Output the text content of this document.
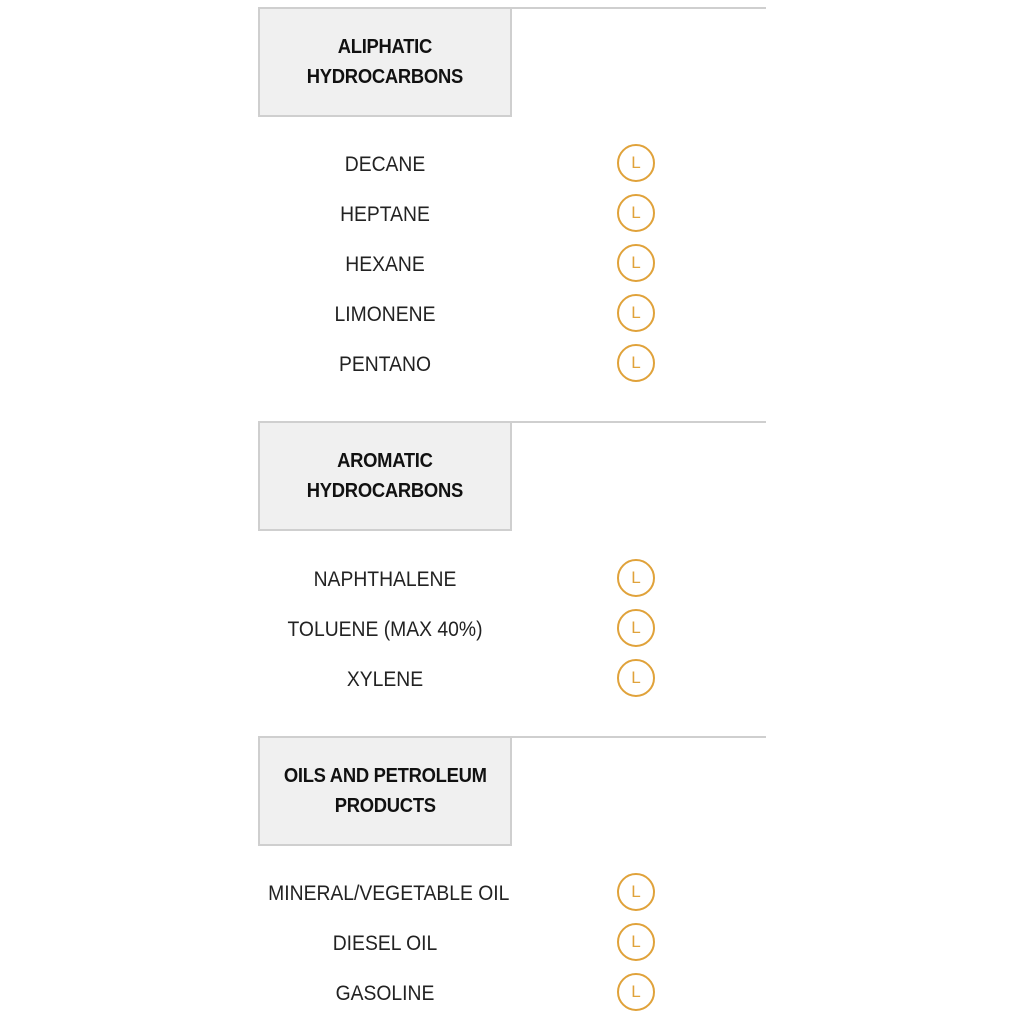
ALIPHATIC
HYDROCARBONS
DECANE	L
HEPTANE	L
HEXANE	L
LIMONENE	L
PENTANO	L
AROMATIC
HYDROCARBONS
NAPHTHALENE	L
TOLUENE (MAX 40%)	L
XYLENE	L
OILS AND PETROLEUM
PRODUCTS
MINERAL/VEGETABLE OIL	L
DIESEL OIL	L
GASOLINE	L
